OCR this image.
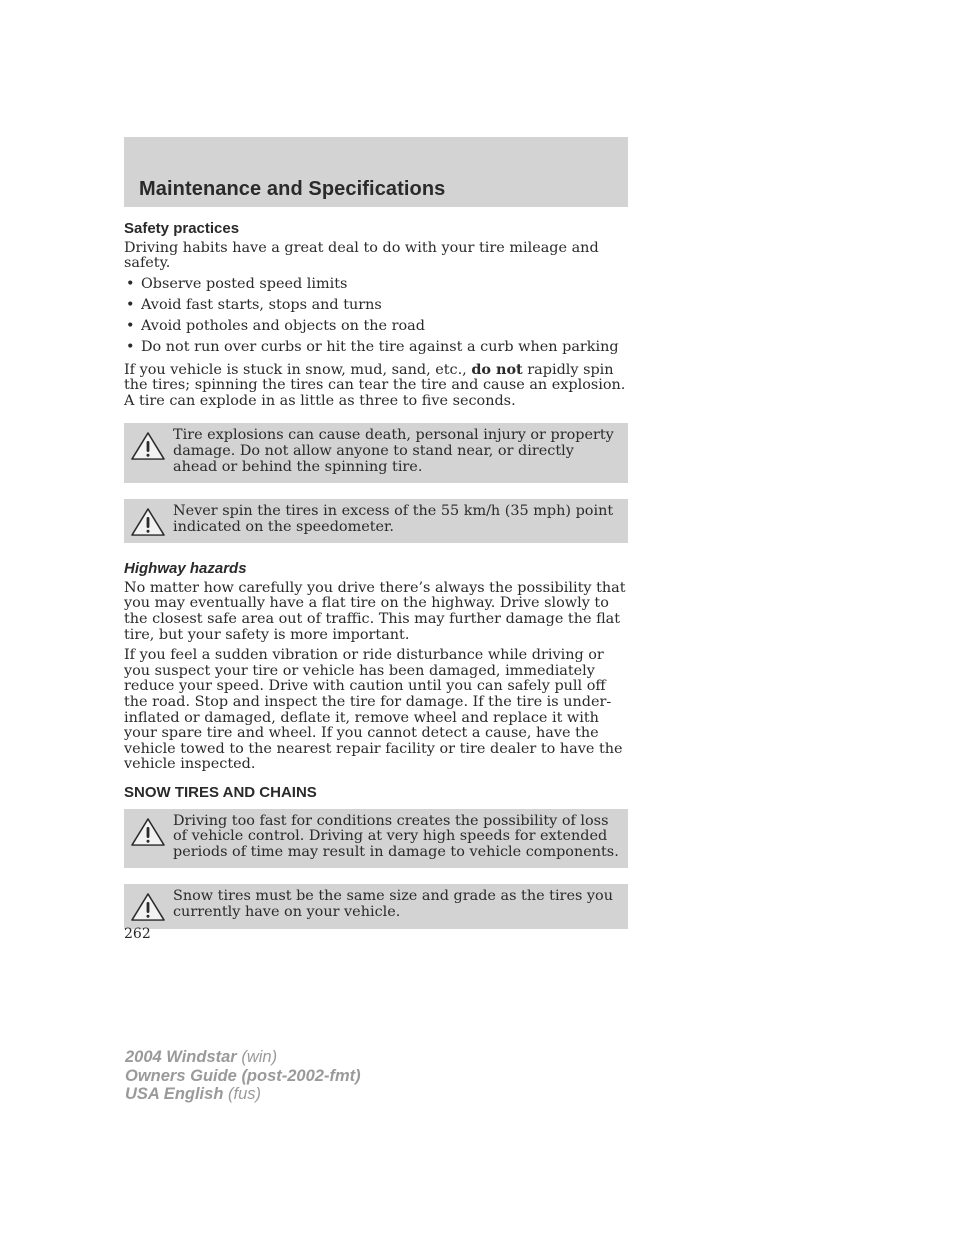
Maintenance and Specifications
Safety practices

Driving habits have a great deal to do with your tire mileage and safety.

• Observe posted speed limits
• Avoid fast starts, stops and turns
• Avoid potholes and objects on the road
• Do not run over curbs or hit the tire against a curb when parking

If you vehicle is stuck in snow, mud, sand, etc., do not rapidly spin the tires; spinning the tires can tear the tire and cause an explosion. A tire can explode in as little as three to five seconds.

Tire explosions can cause death, personal injury or property damage. Do not allow anyone to stand near, or directly ahead or behind the spinning tire.

Never spin the tires in excess of the 55 km/h (35 mph) point indicated on the speedometer.

Highway hazards

No matter how carefully you drive there’s always the possibility that you may eventually have a flat tire on the highway. Drive slowly to the closest safe area out of traffic. This may further damage the flat tire, but your safety is more important.

If you feel a sudden vibration or ride disturbance while driving or you suspect your tire or vehicle has been damaged, immediately reduce your speed. Drive with caution until you can safely pull off the road. Stop and inspect the tire for damage. If the tire is under-inflated or damaged, deflate it, remove wheel and replace it with your spare tire and wheel. If you cannot detect a cause, have the vehicle towed to the nearest repair facility or tire dealer to have the vehicle inspected.

SNOW TIRES AND CHAINS

Driving too fast for conditions creates the possibility of loss of vehicle control. Driving at very high speeds for extended periods of time may result in damage to vehicle components.

Snow tires must be the same size and grade as the tires you currently have on your vehicle.

262
2004 Windstar (win)
Owners Guide (post-2002-fmt)
USA English (fus)
